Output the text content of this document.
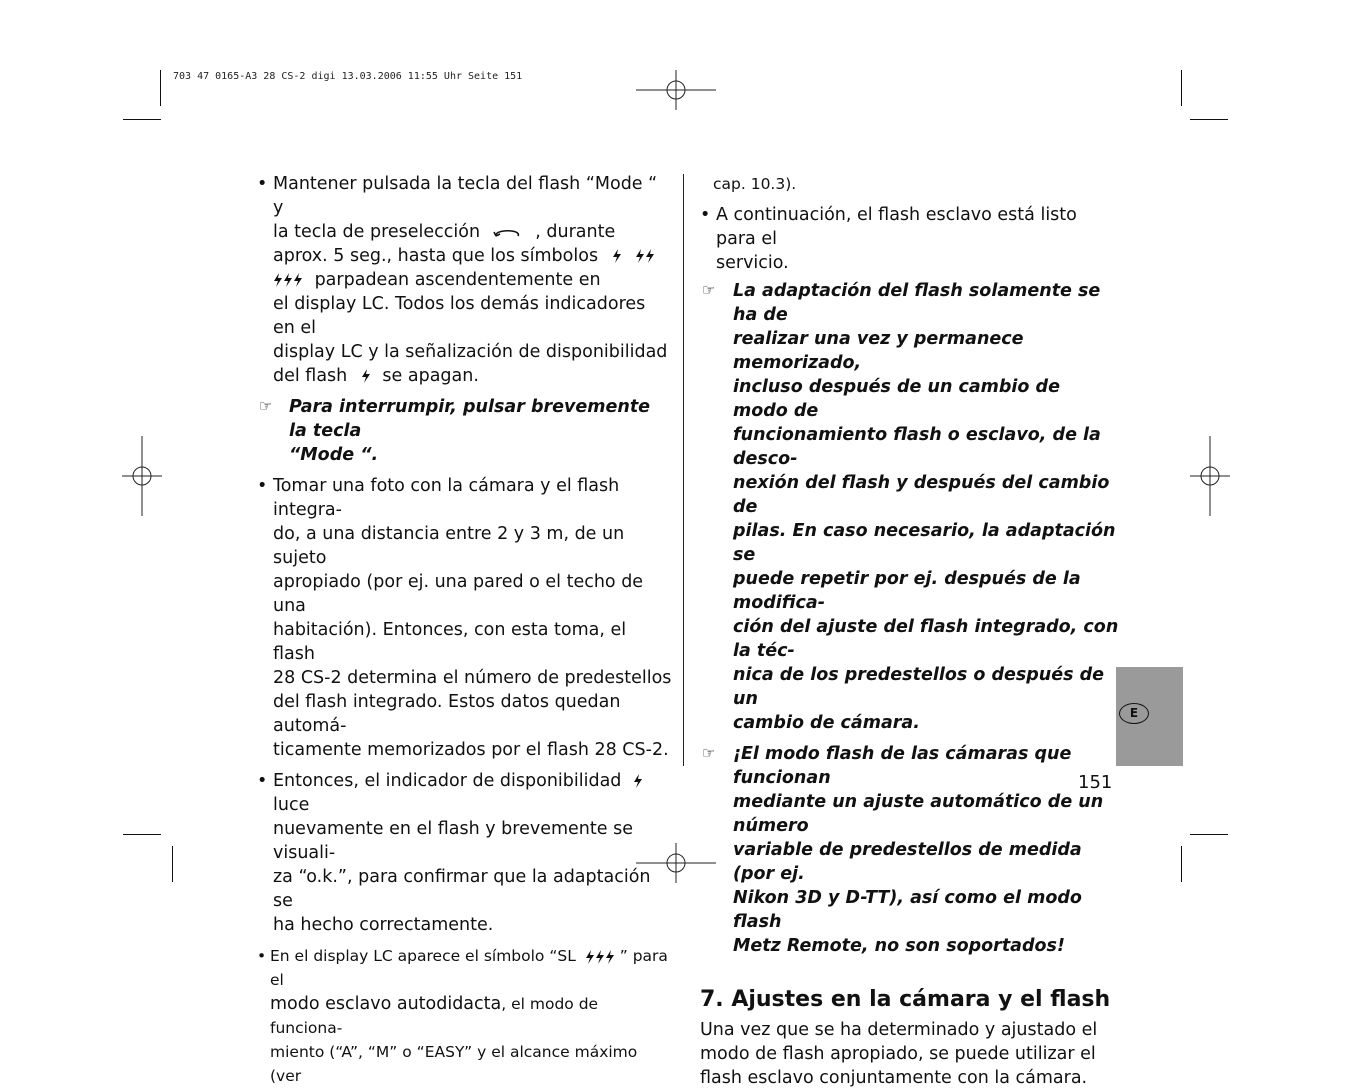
703 47 0165-A3 28 CS-2 digi 13.03.2006 11:55 Uhr Seite 151
• Mantener pulsada la tecla del flash “Mode “ y
la tecla de preselección	, durante
aprox. 5 seg., hasta que los símbolos
parpadean ascendentemente en
el display LC. Todos los demás indicadores en el
display LC y la señalización de disponibilidad
del flash se apagan.
☞ Para interrumpir, pulsar brevemente la tecla
“Mode “.
• Tomar una foto con la cámara y el flash integra-
do, a una distancia entre 2 y 3 m, de un sujeto
apropiado (por ej. una pared o el techo de una
habitación). Entonces, con esta toma, el flash
28 CS-2 determina el número de predestellos
del flash integrado. Estos datos quedan automá-
ticamente memorizados por el flash 28 CS-2.
• Entonces, el indicador de disponibilidad  luce
nuevamente en el flash y brevemente se visuali-
za “o.k.”, para confirmar que la adaptación se
ha hecho correctamente.
• En el display LC aparece el símbolo “SL	” para el
modo esclavo autodidacta, el modo de funciona-
miento (“A”, “M” o “EASY” y el alcance máximo (ver
cap. 10.3).
• A continuación, el flash esclavo está listo para el
servicio.
☞ La adaptación del flash solamente se ha de
realizar una vez y permanece memorizado,
incluso después de un cambio de modo de
funcionamiento flash o esclavo, de la desco-
nexión del flash y después del cambio de
pilas. En caso necesario, la adaptación se
puede repetir por ej. después de la modifica-
ción del ajuste del flash integrado, con la téc-
nica de los predestellos o después de un
cambio de cámara.
☞ ¡El modo flash de las cámaras que funcionan
mediante un ajuste automático de un número
variable de predestellos de medida (por ej.
Nikon 3D y D-TT), así como el modo flash
Metz Remote, no son soportados!
7. Ajustes en la cámara y el flash
Una vez que se ha determinado y ajustado el
modo de flash apropiado, se puede utilizar el
flash esclavo conjuntamente con la cámara.
E
151
